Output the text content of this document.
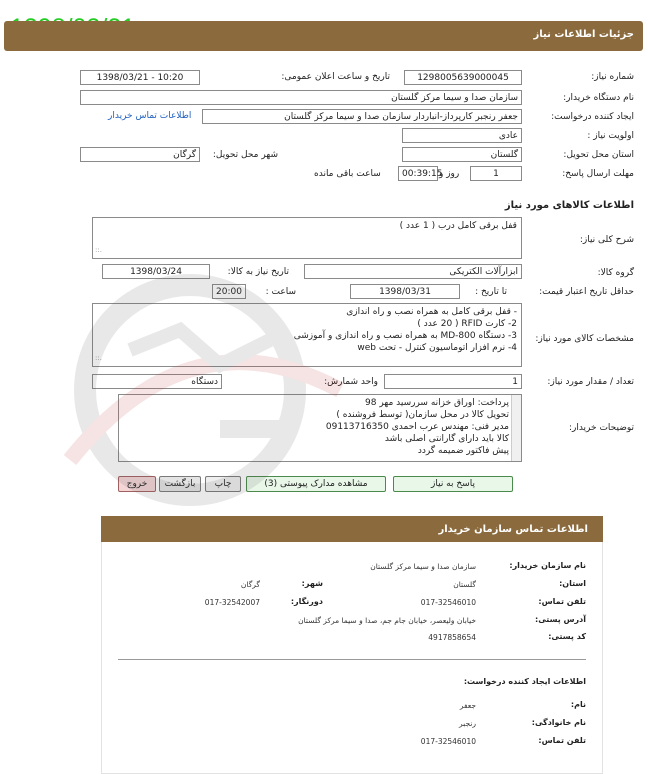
جزئیات اطلاعات نیاز
شماره نیاز:
1298005639000045
تاریخ و ساعت اعلان عمومی:
1398/03/21 - 10:20
نام دستگاه خریدار:
سازمان صدا و سیما مرکز گلستان
ایجاد کننده درخواست:
جعفر رنجبر کارپرداز-انباردار سازمان صدا و سیما مرکز گلستان
اطلاعات تماس خریدار
اولویت نیاز :
عادی
استان محل تحویل:
گلستان
شهر محل تحویل:
گرگان
مهلت ارسال پاسخ:
1
روز و
00:39:15
ساعت باقی مانده
اطلاعات کالاهای مورد نیاز
شرح کلی نیاز:
قفل برقی کامل درب ( 1 عدد )
.::
گروه کالا:
ابزارآلات الکتریکی
تاریخ نیاز به کالا:
1398/03/24
حداقل تاریخ اعتبار قیمت:
تا تاریخ :
1398/03/31
ساعت :
20:00
مشخصات کالای مورد نیاز:
- قفل برقی کامل به همراه نصب و راه اندازی
2- کارت RFID ( 20 عدد )
3- دستگاه MD-800 به همراه نصب و راه اندازی و آموزشی
4- نرم افزار اتوماسیون کنترل - تحت web
.::
تعداد / مقدار مورد نیاز:
1
واحد شمارش:
دستگاه
توضیحات خریدار:
پرداخت: اوراق خزانه سررسید مهر 98
تحویل کالا در محل سازمان( توسط فروشنده )
مدیر فنی: مهندس عرب احمدی 09113716350
کالا باید دارای گارانتی اصلی باشد
پیش فاکتور ضمیمه گردد
پاسخ به نیاز
مشاهده مدارک پیوستی (3)
چاپ
بازگشت
خروج
اطلاعات تماس سازمان خریدار
نام سازمان خریدار:
سازمان صدا و سیما مرکز گلستان
استان:
گلستان
شهر:
گرگان
تلفن تماس:
017-32546010
دورنگار:
017-32542007
آدرس پستی:
خیابان ولیعصر، خیابان جام جم، صدا و سیما مرکز گلستان
کد پستی:
4917858654
اطلاعات ایجاد کننده درخواست:
نام:
جعفر
نام خانوادگی:
رنجبر
تلفن تماس:
017-32546010
